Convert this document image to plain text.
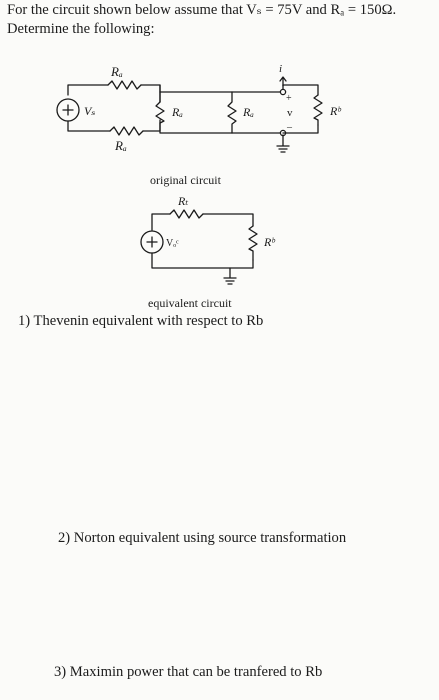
For the circuit shown below assume that Vₛ = 75V and Rₐ = 150Ω.
Determine the following:
Rₐ
Vₛ
Rₐ
Rₐ	Rₐ
i
+
v
–
Rᵇ
original circuit
Rₜ
Vₒᶜ	Rᵇ
equivalent circuit
1) Thevenin equivalent with respect to Rb
2) Norton equivalent using source transformation
3) Maximin power that can be tranfered to Rb
